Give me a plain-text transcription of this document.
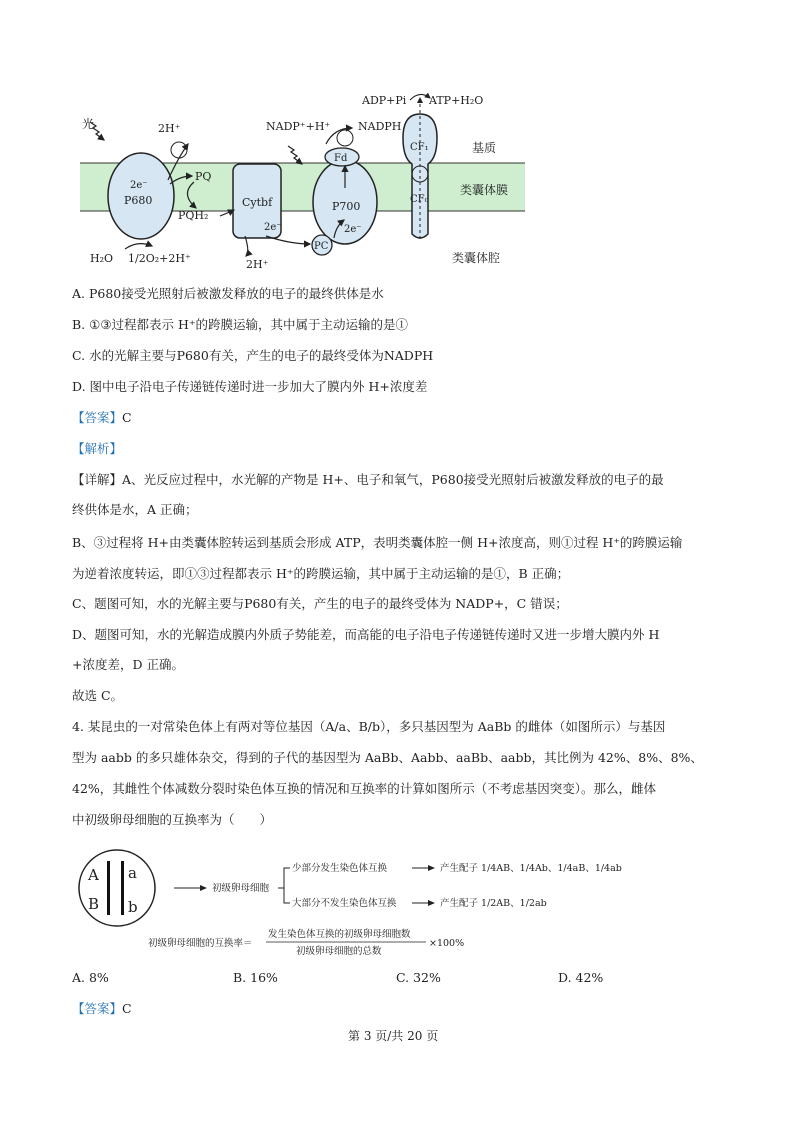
光	2H⁺
ADP+Pi ATP+H₂O
NADP⁺+H⁺	NADPH
Fd
CF₁
CF₀
基质
类囊体膜
类囊体腔
2e⁻
P680
PQ
PQH₂
Cytbf
2e⁻
P700
2e⁻
PC
H₂O 1/2O₂+2H⁺	2H⁺
A. P680接受光照射后被激发释放的电子的最终供体是水
B. ①③过程都表示 H⁺的跨膜运输，其中属于主动运输的是①
C. 水的光解主要与P680有关，产生的电子的最终受体为NADPH
D. 图中电子沿电子传递链传递时进一步加大了膜内外 H+浓度差
【答案】C
【解析】
【详解】A、光反应过程中，水光解的产物是 H+、电子和氧气，P680接受光照射后被激发释放的电子的最
终供体是水，A 正确；
B、③过程将 H+由类囊体腔转运到基质会形成 ATP，表明类囊体腔一侧 H+浓度高，则①过程 H⁺的跨膜运输
为逆着浓度转运，即①③过程都表示 H⁺的跨膜运输，其中属于主动运输的是①，B 正确；
C、题图可知，水的光解主要与P680有关，产生的电子的最终受体为 NADP+，C 错误；
D、题图可知，水的光解造成膜内外质子势能差，而高能的电子沿电子传递链传递时又进一步增大膜内外 H
+浓度差，D 正确。
故选 C。
4. 某昆虫的一对常染色体上有两对等位基因（A/a、B/b），多只基因型为 AaBb 的雌体（如图所示）与基因
型为 aabb 的多只雄体杂交，得到的子代的基因型为 AaBb、Aabb、aaBb、aabb，其比例为 42%、8%、8%、
42%，其雌性个体减数分裂时染色体互换的情况和互换率的计算如图所示（不考虑基因突变）。那么，雌体
中初级卵母细胞的互换率为（　　）
A a
B b
初级卵母细胞
少部分发生染色体互换
大部分不发生染色体互换
产生配子 1/4AB、1/4Ab、1/4aB、1/4ab
产生配子 1/2AB、1/2ab
初级卵母细胞的互换率＝
发生染色体互换的初级卵母细胞数
初级卵母细胞的总数
×100%
A. 8%	B. 16%	C. 32%	D. 42%
【答案】C
第 3 页/共 20 页
